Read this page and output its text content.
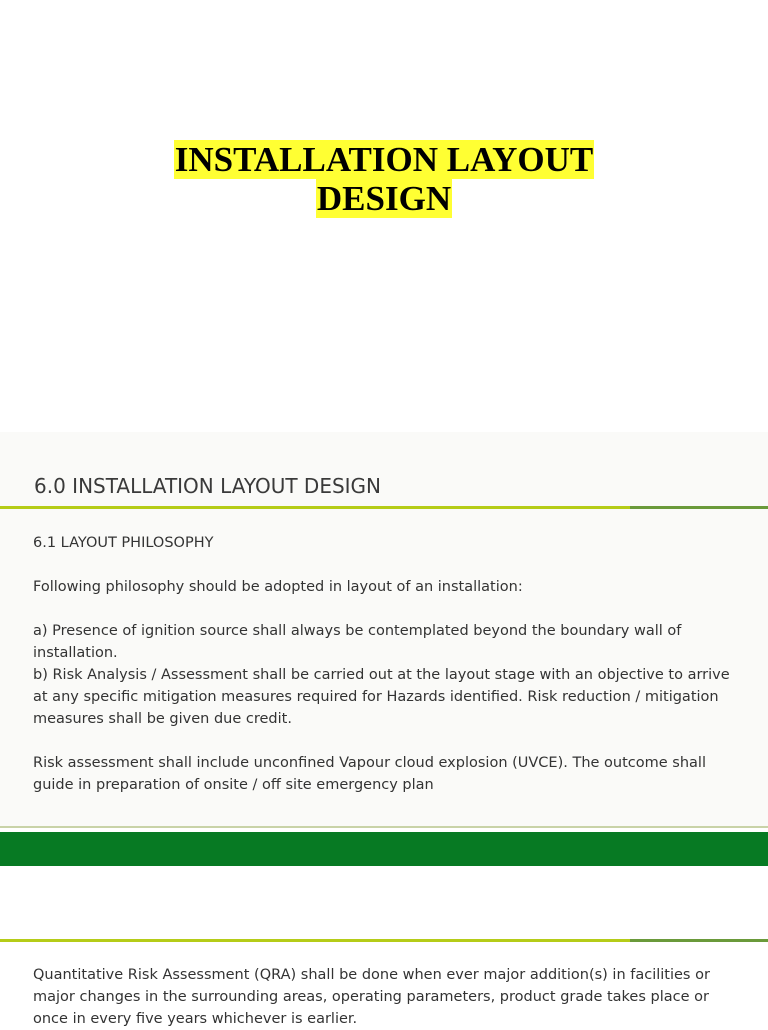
INSTALLATION LAYOUT
DESIGN
6.0 INSTALLATION LAYOUT DESIGN

6.1 LAYOUT PHILOSOPHY

Following philosophy should be adopted in layout of an installation:

a) Presence of ignition source shall always be contemplated beyond the boundary wall of installation.

b) Risk Analysis / Assessment shall be carried out at the layout stage with an objective to arrive at any specific mitigation measures required for Hazards identified. Risk reduction / mitigation measures shall be given due credit.

Risk assessment shall include unconfined Vapour cloud explosion (UVCE). The outcome shall guide in preparation of onsite / off site emergency plan

Quantitative Risk Assessment (QRA) shall be done when ever major addition(s) in facilities or major changes in the surrounding areas, operating parameters, product grade takes place or once in every five years whichever is earlier.
